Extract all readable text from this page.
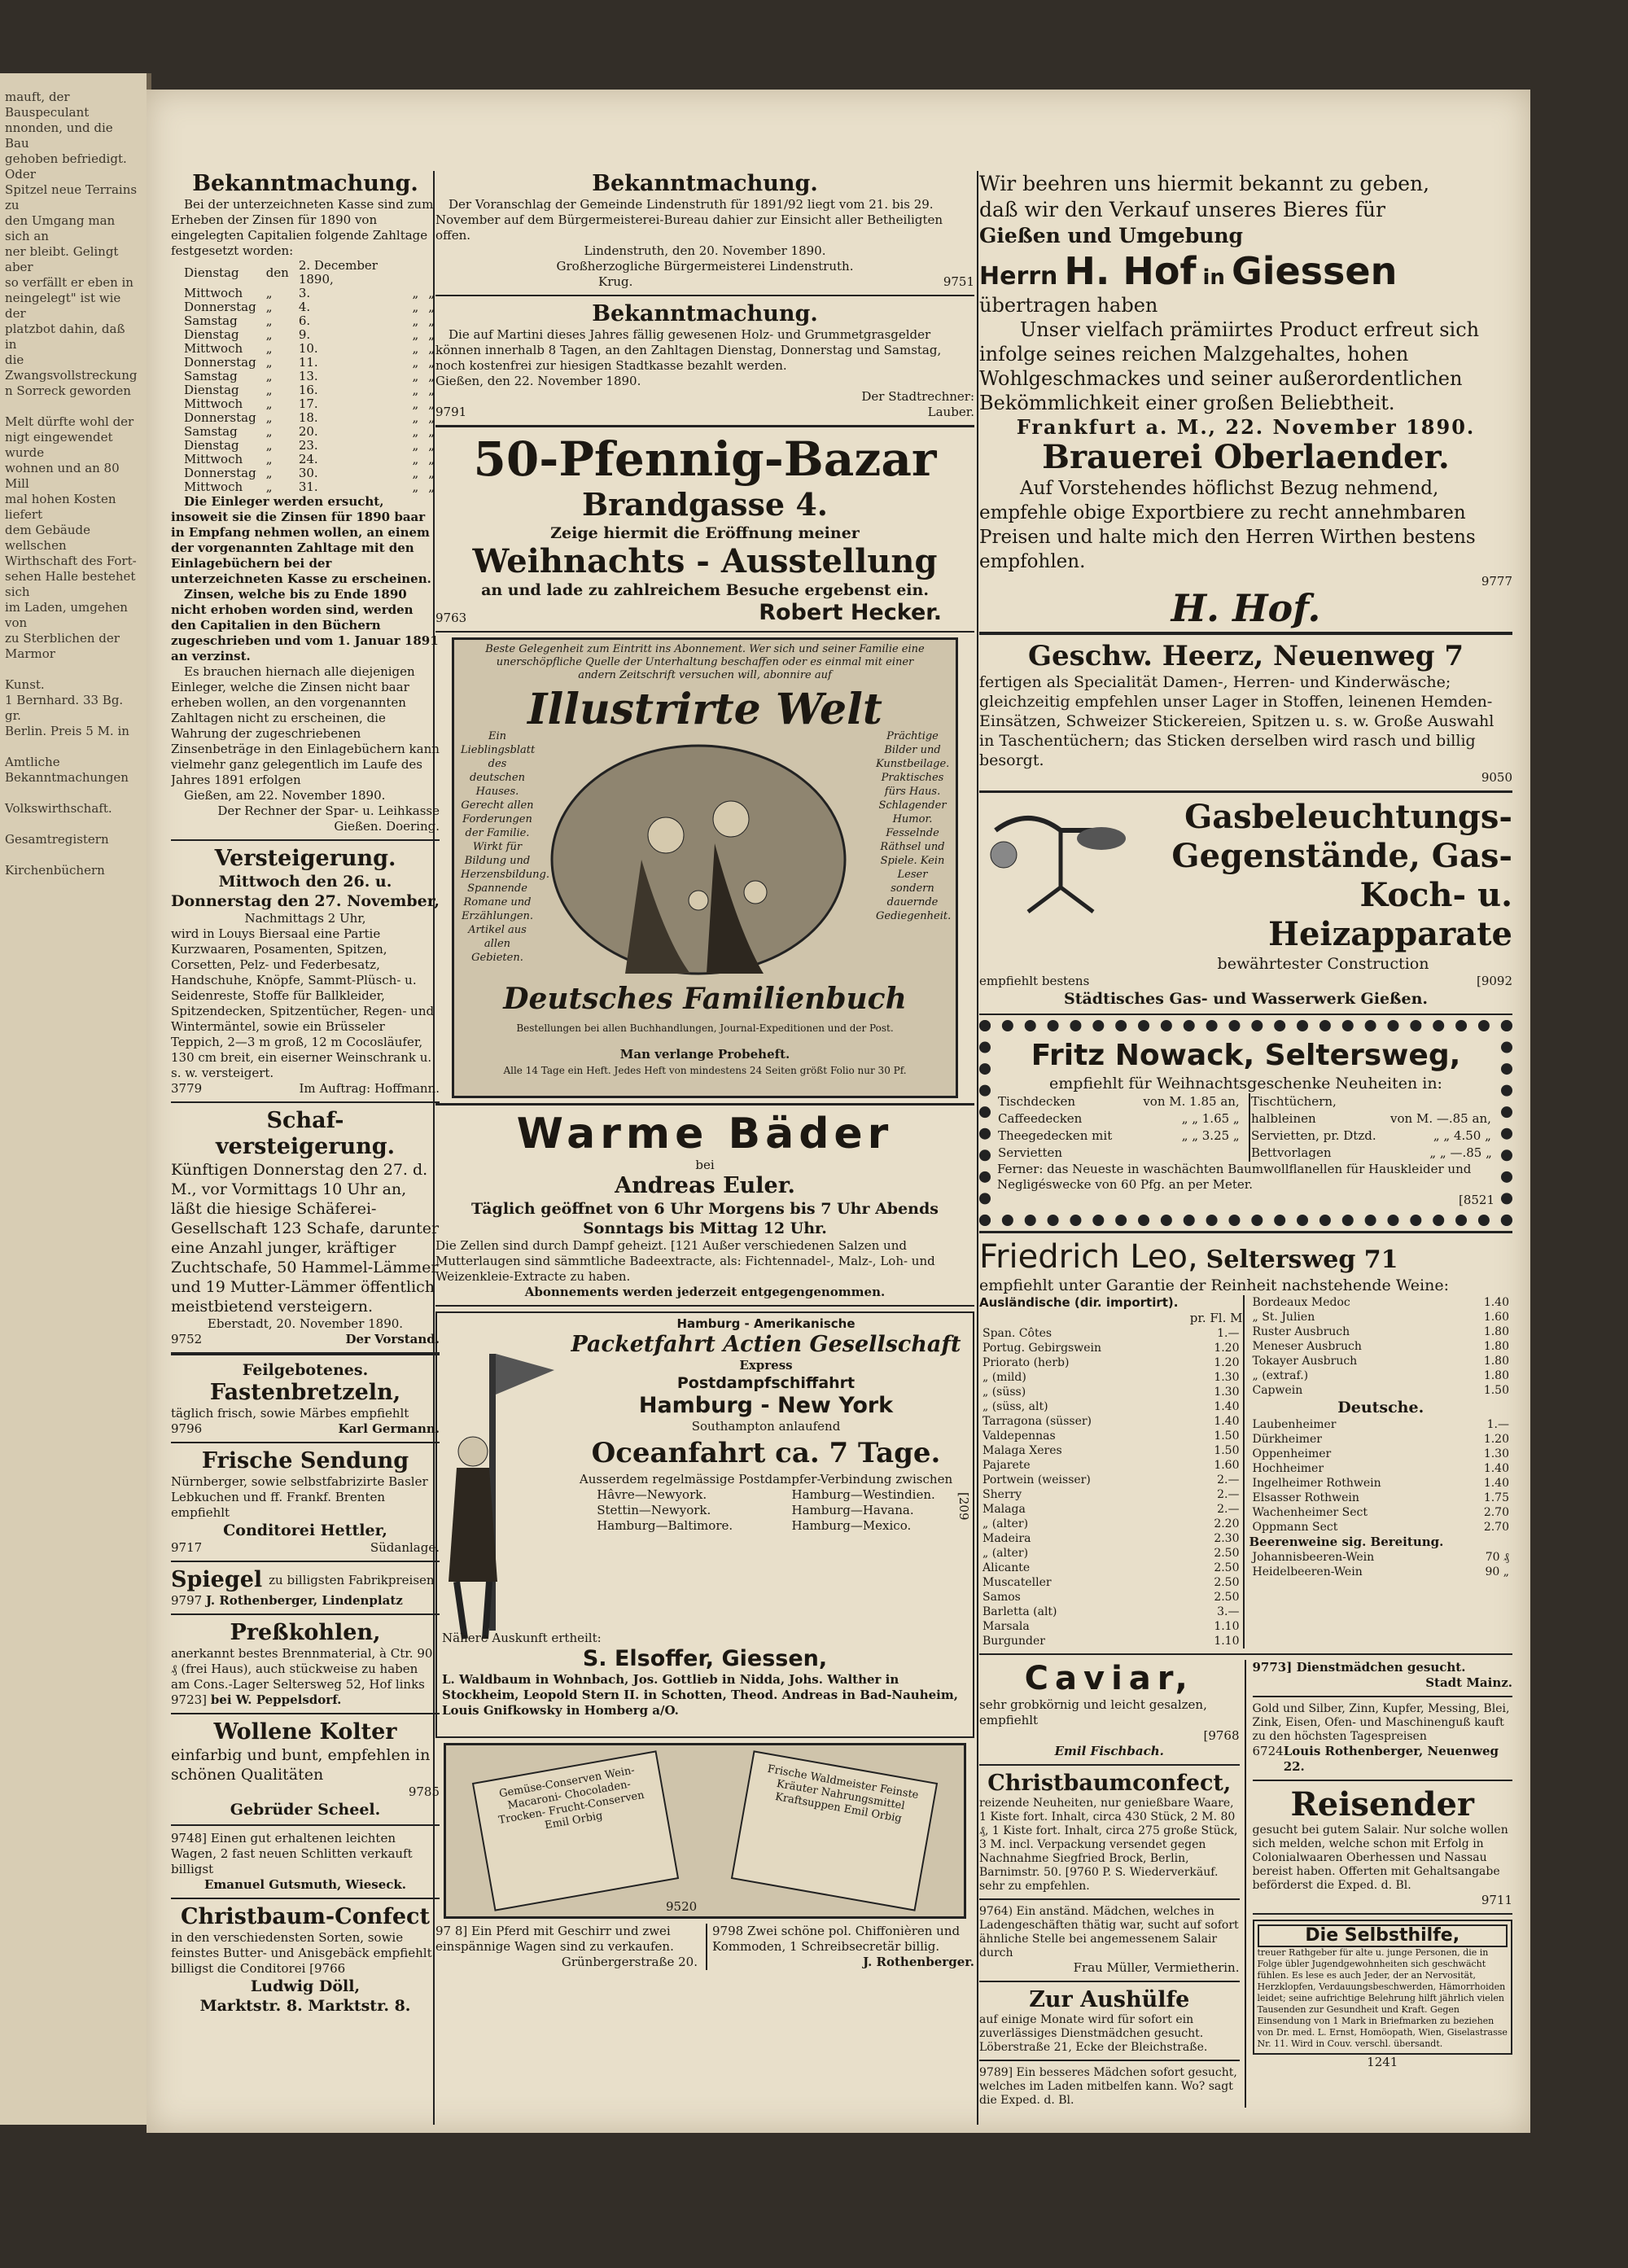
mauft, der Bauspeculant
nnonden, und die Bau
gehoben befriedigt. Oder
Spitzel neue Terrains zu
den Umgang man sich an
ner bleibt. Gelingt aber
so verfällt er eben in
neingelegt" ist wie der
platzbot dahin, daß in
die Zwangsvollstreckung
n Sorreck geworden

Melt dürfte wohl der
nigt eingewendet wurde
wohnen und an 80 Mill
mal hohen Kosten liefert
dem Gebäude wellschen
Wirthschaft des Fort-
sehen Halle bestehet sich
im Laden, umgehen von
zu Sterblichen der Marmor

Kunst.
1 Bernhard. 33 Bg. gr.
Berlin. Preis 5 M. in

Amtliche Bekanntmachungen

Volkswirthschaft.

Gesamtregistern

Kirchenbüchern
Bekanntmachung.
Bei der unterzeichneten Kasse sind zum Erheben der Zinsen für 1890 von eingelegten Capitalien folgende Zahltage festgesetzt worden:
Dienstag	den	2. December 1890,		
Mittwoch	„	3.	„	„
Donnerstag	„	4.	„	„
Samstag	„	6.	„	„
Dienstag	„	9.	„	„
Mittwoch	„	10.	„	„
Donnerstag	„	11.	„	„
Samstag	„	13.	„	„
Dienstag	„	16.	„	„
Mittwoch	„	17.	„	„
Donnerstag	„	18.	„	„
Samstag	„	20.	„	„
Dienstag	„	23.	„	„
Mittwoch	„	24.	„	„
Donnerstag	„	30.	„	„
Mittwoch	„	31.	„	„
Die Einleger werden ersucht, insoweit sie die Zinsen für 1890 baar in Empfang nehmen wollen, an einem der vorgenannten Zahltage mit den Einlagebüchern bei der unterzeichneten Kasse zu erscheinen.
Zinsen, welche bis zu Ende 1890 nicht erhoben worden sind, werden den Capitalien in den Büchern zugeschrieben und vom 1. Januar 1891 an verzinst.
Es brauchen hiernach alle diejenigen Einleger, welche die Zinsen nicht baar erheben wollen, an den vorgenannten Zahltagen nicht zu erscheinen, die Wahrung der zugeschriebenen Zinsenbeträge in den Einlagebüchern kann vielmehr ganz gelegentlich im Laufe des Jahres 1891 erfolgen
Gießen, am 22. November 1890.
Der Rechner der Spar- u. Leihkasse Gießen. Doering.
Versteigerung.
Mittwoch den 26. u. Donnerstag den 27. November,
Nachmittags 2 Uhr,
wird in Louys Biersaal eine Partie Kurzwaaren, Posamenten, Spitzen, Corsetten, Pelz- und Federbesatz, Handschuhe, Knöpfe, Sammt-Plüsch- u. Seidenreste, Stoffe für Ballkleider, Spitzendecken, Spitzentücher, Regen- und Wintermäntel, sowie ein Brüsseler Teppich, 2—3 m groß, 12 m Cocosläufer, 130 cm breit, ein eiserner Weinschrank u. s. w. versteigert.
3779	Im Auftrag: Hoffmann.
Schaf-
versteigerung.
Künftigen Donnerstag den 27. d. M., vor Vormittags 10 Uhr an, läßt die hiesige Schäferei-Gesellschaft 123 Schafe, darunter eine Anzahl junger, kräftiger Zuchtschafe, 50 Hammel-Lämmer und 19 Mutter-Lämmer öffentlich meistbietend versteigern.
Eberstadt, 20. November 1890.
9752	Der Vorstand.
Feilgebotenes.
Fastenbretzeln,
täglich frisch, sowie Märbes empfiehlt
9796	Karl Germann.
Frische Sendung
Nürnberger, sowie selbstfabrizirte Basler Lebkuchen und ff. Frankf. Brenten empfiehlt
Conditorei Hettler,
9717	Südanlage.
Spiegel zu billigsten Fabrikpreisen.
9797 J. Rothenberger, Lindenplatz
Preßkohlen,
anerkannt bestes Brennmaterial, à Ctr. 90 ₰ (frei Haus), auch stückweise zu haben am Cons.-Lager Seltersweg 52, Hof links
9723] bei W. Peppelsdorf.
Wollene Kolter
einfarbig und bunt, empfehlen in schönen Qualitäten
9785
Gebrüder Scheel.
9748] Einen gut erhaltenen leichten Wagen, 2 fast neuen Schlitten verkauft billigst
Emanuel Gutsmuth, Wieseck.
Christbaum-Confect
in den verschiedensten Sorten, sowie feinstes Butter- und Anisgebäck empfiehlt billigst die Conditorei [9766
Ludwig Döll,
Marktstr. 8. Marktstr. 8.
Bekanntmachung.
Der Voranschlag der Gemeinde Lindenstruth für 1891/92 liegt vom 21. bis 29. November auf dem Bürgermeisterei-Bureau dahier zur Einsicht aller Betheiligten offen.
Lindenstruth, den 20. November 1890.
Großherzogliche Bürgermeisterei Lindenstruth.
Krug.	9751
Bekanntmachung.
Die auf Martini dieses Jahres fällig gewesenen Holz- und Grummetgrasgelder können innerhalb 8 Tagen, an den Zahltagen Dienstag, Donnerstag und Samstag, noch kostenfrei zur hiesigen Stadtkasse bezahlt werden.
Gießen, den 22. November 1890.
Der Stadtrechner:
9791	Lauber.
50-Pfennig-Bazar
Brandgasse 4.
Zeige hiermit die Eröffnung meiner
Weihnachts - Ausstellung
an und lade zu zahlreichem Besuche ergebenst ein.
9763	Robert Hecker.
Beste Gelegenheit zum Eintritt ins Abonnement. Wer sich und seiner Familie eine unerschöpfliche Quelle der Unterhaltung beschaffen oder es einmal mit einer andern Zeitschrift versuchen will, abonnire auf
Illustrirte Welt
Ein Lieblingsblatt des deutschen Hauses. Gerecht allen Forderungen der Familie. Wirkt für Bildung und Herzensbildung. Spannende Romane und Erzählungen. Artikel aus allen Gebieten.
Prächtige Bilder und Kunstbeilage. Praktisches fürs Haus. Schlagender Humor. Fesselnde Räthsel und Spiele. Kein Leser sondern dauernde Gediegenheit.
Deutsches Familienbuch
Bestellungen bei allen Buchhandlungen, Journal-Expeditionen und der Post.
Man verlange Probeheft.
Alle 14 Tage ein Heft. Jedes Heft von mindestens 24 Seiten größt Folio nur 30 Pf.
Warme Bäder
bei
Andreas Euler.
Täglich geöffnet von 6 Uhr Morgens bis 7 Uhr Abends Sonntags bis Mittag 12 Uhr.
Die Zellen sind durch Dampf geheizt. [121 Außer verschiedenen Salzen und Mutterlaugen sind sämmtliche Badeextracte, als: Fichtennadel-, Malz-, Loh- und Weizenkleie-Extracte zu haben.
Abonnements werden jederzeit entgegengenommen.
Hamburg - Amerikanische
Packetfahrt Actien Gesellschaft
Express
Postdampfschiffahrt
Hamburg - New York
Southampton anlaufend
Oceanfahrt ca. 7 Tage.
Ausserdem regelmässige Postdampfer-Verbindung zwischen
Hâvre—Newyork.
Stettin—Newyork.
Hamburg—Baltimore.
Hamburg—Westindien.
Hamburg—Havana.
Hamburg—Mexico.
Nähere Auskunft ertheilt:
S. Elsoffer, Giessen,
L. Waldbaum in Wohnbach, Jos. Gottlieb in Nidda, Johs. Walther in Stockheim, Leopold Stern II. in Schotten, Theod. Andreas in Bad-Nauheim, Louis Gnifkowsky in Homberg a/O.
[209
Gemüse-Conserven Wein- Macaroni- Chocoladen- Trocken- Frucht-Conserven Emil Orbig
Frische Waldmeister Feinste Kräuter Nahrungsmittel Kraftsuppen Emil Orbig
9520
97 8] Ein Pferd mit Geschirr und zwei einspännige Wagen sind zu verkaufen.
Grünbergerstraße 20.
9798 Zwei schöne pol. Chiffonièren und Kommoden, 1 Schreibsecretär billig.
J. Rothenberger.
Wir beehren uns hiermit bekannt zu geben,
daß wir den Verkauf unseres Bieres für
Gießen und Umgebung
Herrn H. Hof in Giessen
übertragen haben
Unser vielfach prämiirtes Product erfreut sich infolge seines reichen Malzgehaltes, hohen Wohlgeschmackes und seiner außerordentlichen Bekömmlichkeit einer großen Beliebtheit.
Frankfurt a. M., 22. November 1890.
Brauerei Oberlaender.
Auf Vorstehendes höflichst Bezug nehmend, empfehle obige Exportbiere zu recht annehmbaren Preisen und halte mich den Herren Wirthen bestens empfohlen.
9777
H. Hof.
Geschw. Heerz, Neuenweg 7
fertigen als Specialität Damen-, Herren- und Kinderwäsche; gleichzeitig empfehlen unser Lager in Stoffen, leinenen Hemden-Einsätzen, Schweizer Stickereien, Spitzen u. s. w. Große Auswahl in Taschentüchern; das Sticken derselben wird rasch und billig besorgt.
9050
Gasbeleuchtungs-
Gegenstände, Gas-
Koch- u. Heizapparate
bewährtester Construction
empfiehlt bestens	[9092
Städtisches Gas- und Wasserwerk Gießen.
Fritz Nowack, Seltersweg,
empfiehlt für Weihnachtsgeschenke Neuheiten in:
Tischdecken	von M. 1.85 an,	
Caffeedecken	„ „ 1.65 „	
Theegedecken mit	„ „ 3.25 „	
Servietten		
Tischtüchern,		
halbleinen	von M. —.85 an,	
Servietten, pr. Dtzd.	„ „ 4.50 „	
Bettvorlagen	„ „ —.85 „	
Ferner: das Neueste in waschächten Baumwollflanellen für Hauskleider und Negligéswecke von 60 Pfg. an per Meter.
[8521
Friedrich Leo, Seltersweg 71
empfiehlt unter Garantie der Reinheit nachstehende Weine:
Ausländische (dir. importirt).
pr. Fl. M
Span. Côtes	1.—
Portug. Gebirgswein	1.20
Priorato (herb)	1.20
„ (mild)	1.30
„ (süss)	1.30
„ (süss, alt)	1.40
Tarragona (süsser)	1.40
Valdepennas	1.50
Malaga Xeres	1.50
Pajarete	1.60
Portwein (weisser)	2.—
Sherry	2.—
Malaga	2.—
„ (alter)	2.20
Madeira	2.30
„ (alter)	2.50
Alicante	2.50
Muscateller	2.50
Samos	2.50
Barletta (alt)	3.—
Marsala	1.10
Burgunder	1.10
Bordeaux Medoc	1.40
„ St. Julien	1.60
Ruster Ausbruch	1.80
Meneser Ausbruch	1.80
Tokayer Ausbruch	1.80
„ (extraf.)	1.80
Capwein	1.50
Deutsche.
Laubenheimer	1.—
Dürkheimer	1.20
Oppenheimer	1.30
Hochheimer	1.40
Ingelheimer Rothwein	1.40
Elsasser Rothwein	1.75
Wachenheimer Sect	2.70
Oppmann Sect	2.70
Beerenweine sig. Bereitung.
Johannisbeeren-Wein	70 ₰
Heidelbeeren-Wein	90 „
Caviar,
sehr grobkörnig und leicht gesalzen, empfiehlt
[9768
Emil Fischbach.
Christbaumconfect,
reizende Neuheiten, nur genießbare Waare, 1 Kiste fort. Inhalt, circa 430 Stück, 2 M. 80 ₰, 1 Kiste fort. Inhalt, circa 275 große Stück, 3 M. incl. Verpackung versendet gegen Nachnahme Siegfried Brock, Berlin, Barnimstr. 50. [9760 P. S. Wiederverkäuf. sehr zu empfehlen.
9764) Ein anständ. Mädchen, welches in Ladengeschäften thätig war, sucht auf sofort ähnliche Stelle bei angemessenem Salair durch
Frau Müller, Vermietherin.
Zur Aushülfe
auf einige Monate wird für sofort ein zuverlässiges Dienstmädchen gesucht. Löberstraße 21, Ecke der Bleichstraße.
9789] Ein besseres Mädchen sofort gesucht, welches im Laden mitbelfen kann. Wo? sagt die Exped. d. Bl.
9773] Dienstmädchen gesucht.
Stadt Mainz.
Gold und Silber, Zinn, Kupfer, Messing, Blei, Zink, Eisen, Ofen- und Maschinenguß kauft zu den höchsten Tagespreisen
6724 Louis Rothenberger, Neuenweg 22.
Reisender
gesucht bei gutem Salair. Nur solche wollen sich melden, welche schon mit Erfolg in Colonialwaaren Oberhessen und Nassau bereist haben. Offerten mit Gehaltsangabe beförderst die Exped. d. Bl.
9711
Die Selbsthilfe,
treuer Rathgeber für alte u. junge Personen, die in Folge übler Jugendgewohnheiten sich geschwächt fühlen. Es lese es auch Jeder, der an Nervosität, Herzklopfen, Verdauungsbeschwerden, Hämorrhoiden leidet; seine aufrichtige Belehrung hilft jährlich vielen Tausenden zur Gesundheit und Kraft. Gegen Einsendung von 1 Mark in Briefmarken zu beziehen von Dr. med. L. Ernst, Homöopath, Wien, Giselastrasse Nr. 11. Wird in Couv. verschl. übersandt.
1241
